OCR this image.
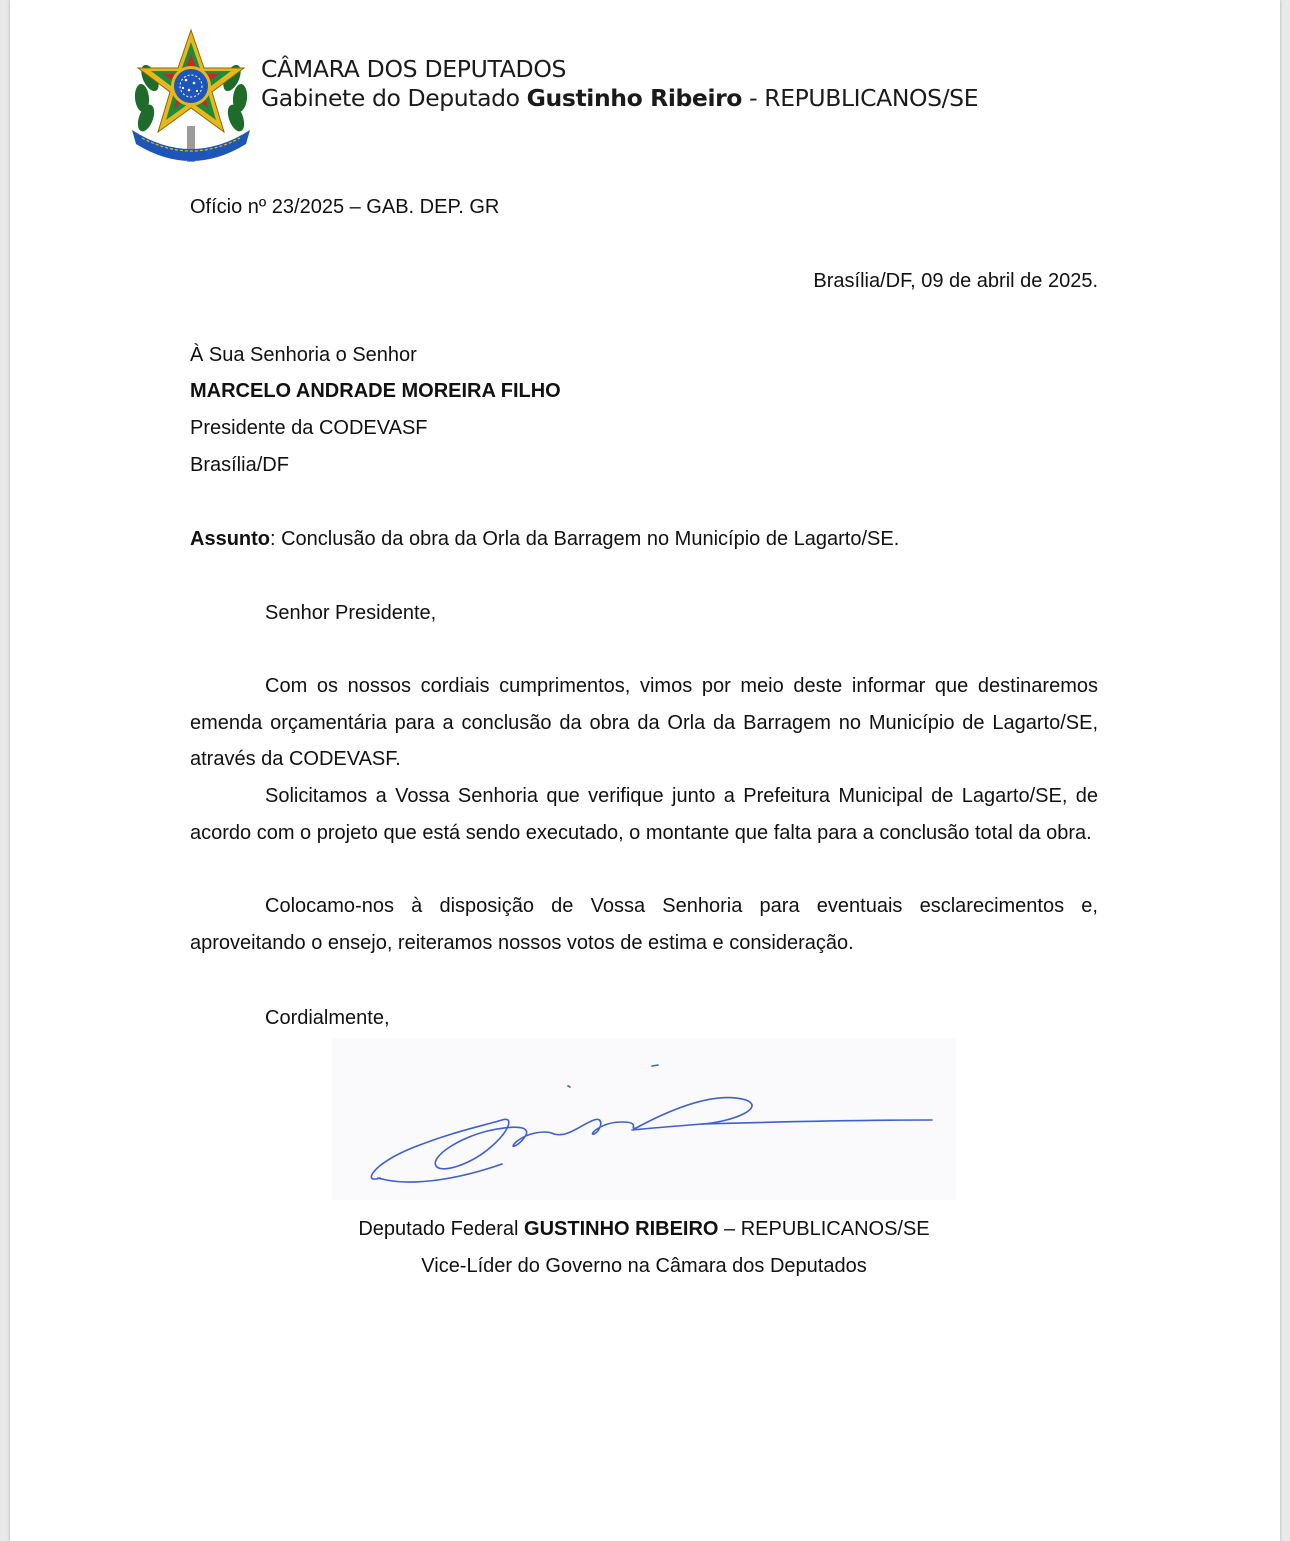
CÂMARA DOS DEPUTADOS
Gabinete do Deputado Gustinho Ribeiro - REPUBLICANOS/SE
Ofício nº 23/2025 – GAB. DEP. GR
Brasília/DF, 09 de abril de 2025.
À Sua Senhoria o Senhor
MARCELO ANDRADE MOREIRA FILHO
Presidente da CODEVASF
Brasília/DF
Assunto: Conclusão da obra da Orla da Barragem no Município de Lagarto/SE.
Senhor Presidente,
Com os nossos cordiais cumprimentos, vimos por meio deste informar que destinaremos emenda orçamentária para a conclusão da obra da Orla da Barragem no Município de Lagarto/SE, através da CODEVASF.
Solicitamos a Vossa Senhoria que verifique junto a Prefeitura Municipal de Lagarto/SE, de acordo com o projeto que está sendo executado, o montante que falta para a conclusão total da obra.
Colocamo-nos à disposição de Vossa Senhoria para eventuais esclarecimentos e, aproveitando o ensejo, reiteramos nossos votos de estima e consideração.
Cordialmente,
Deputado Federal GUSTINHO RIBEIRO – REPUBLICANOS/SE
Vice-Líder do Governo na Câmara dos Deputados
